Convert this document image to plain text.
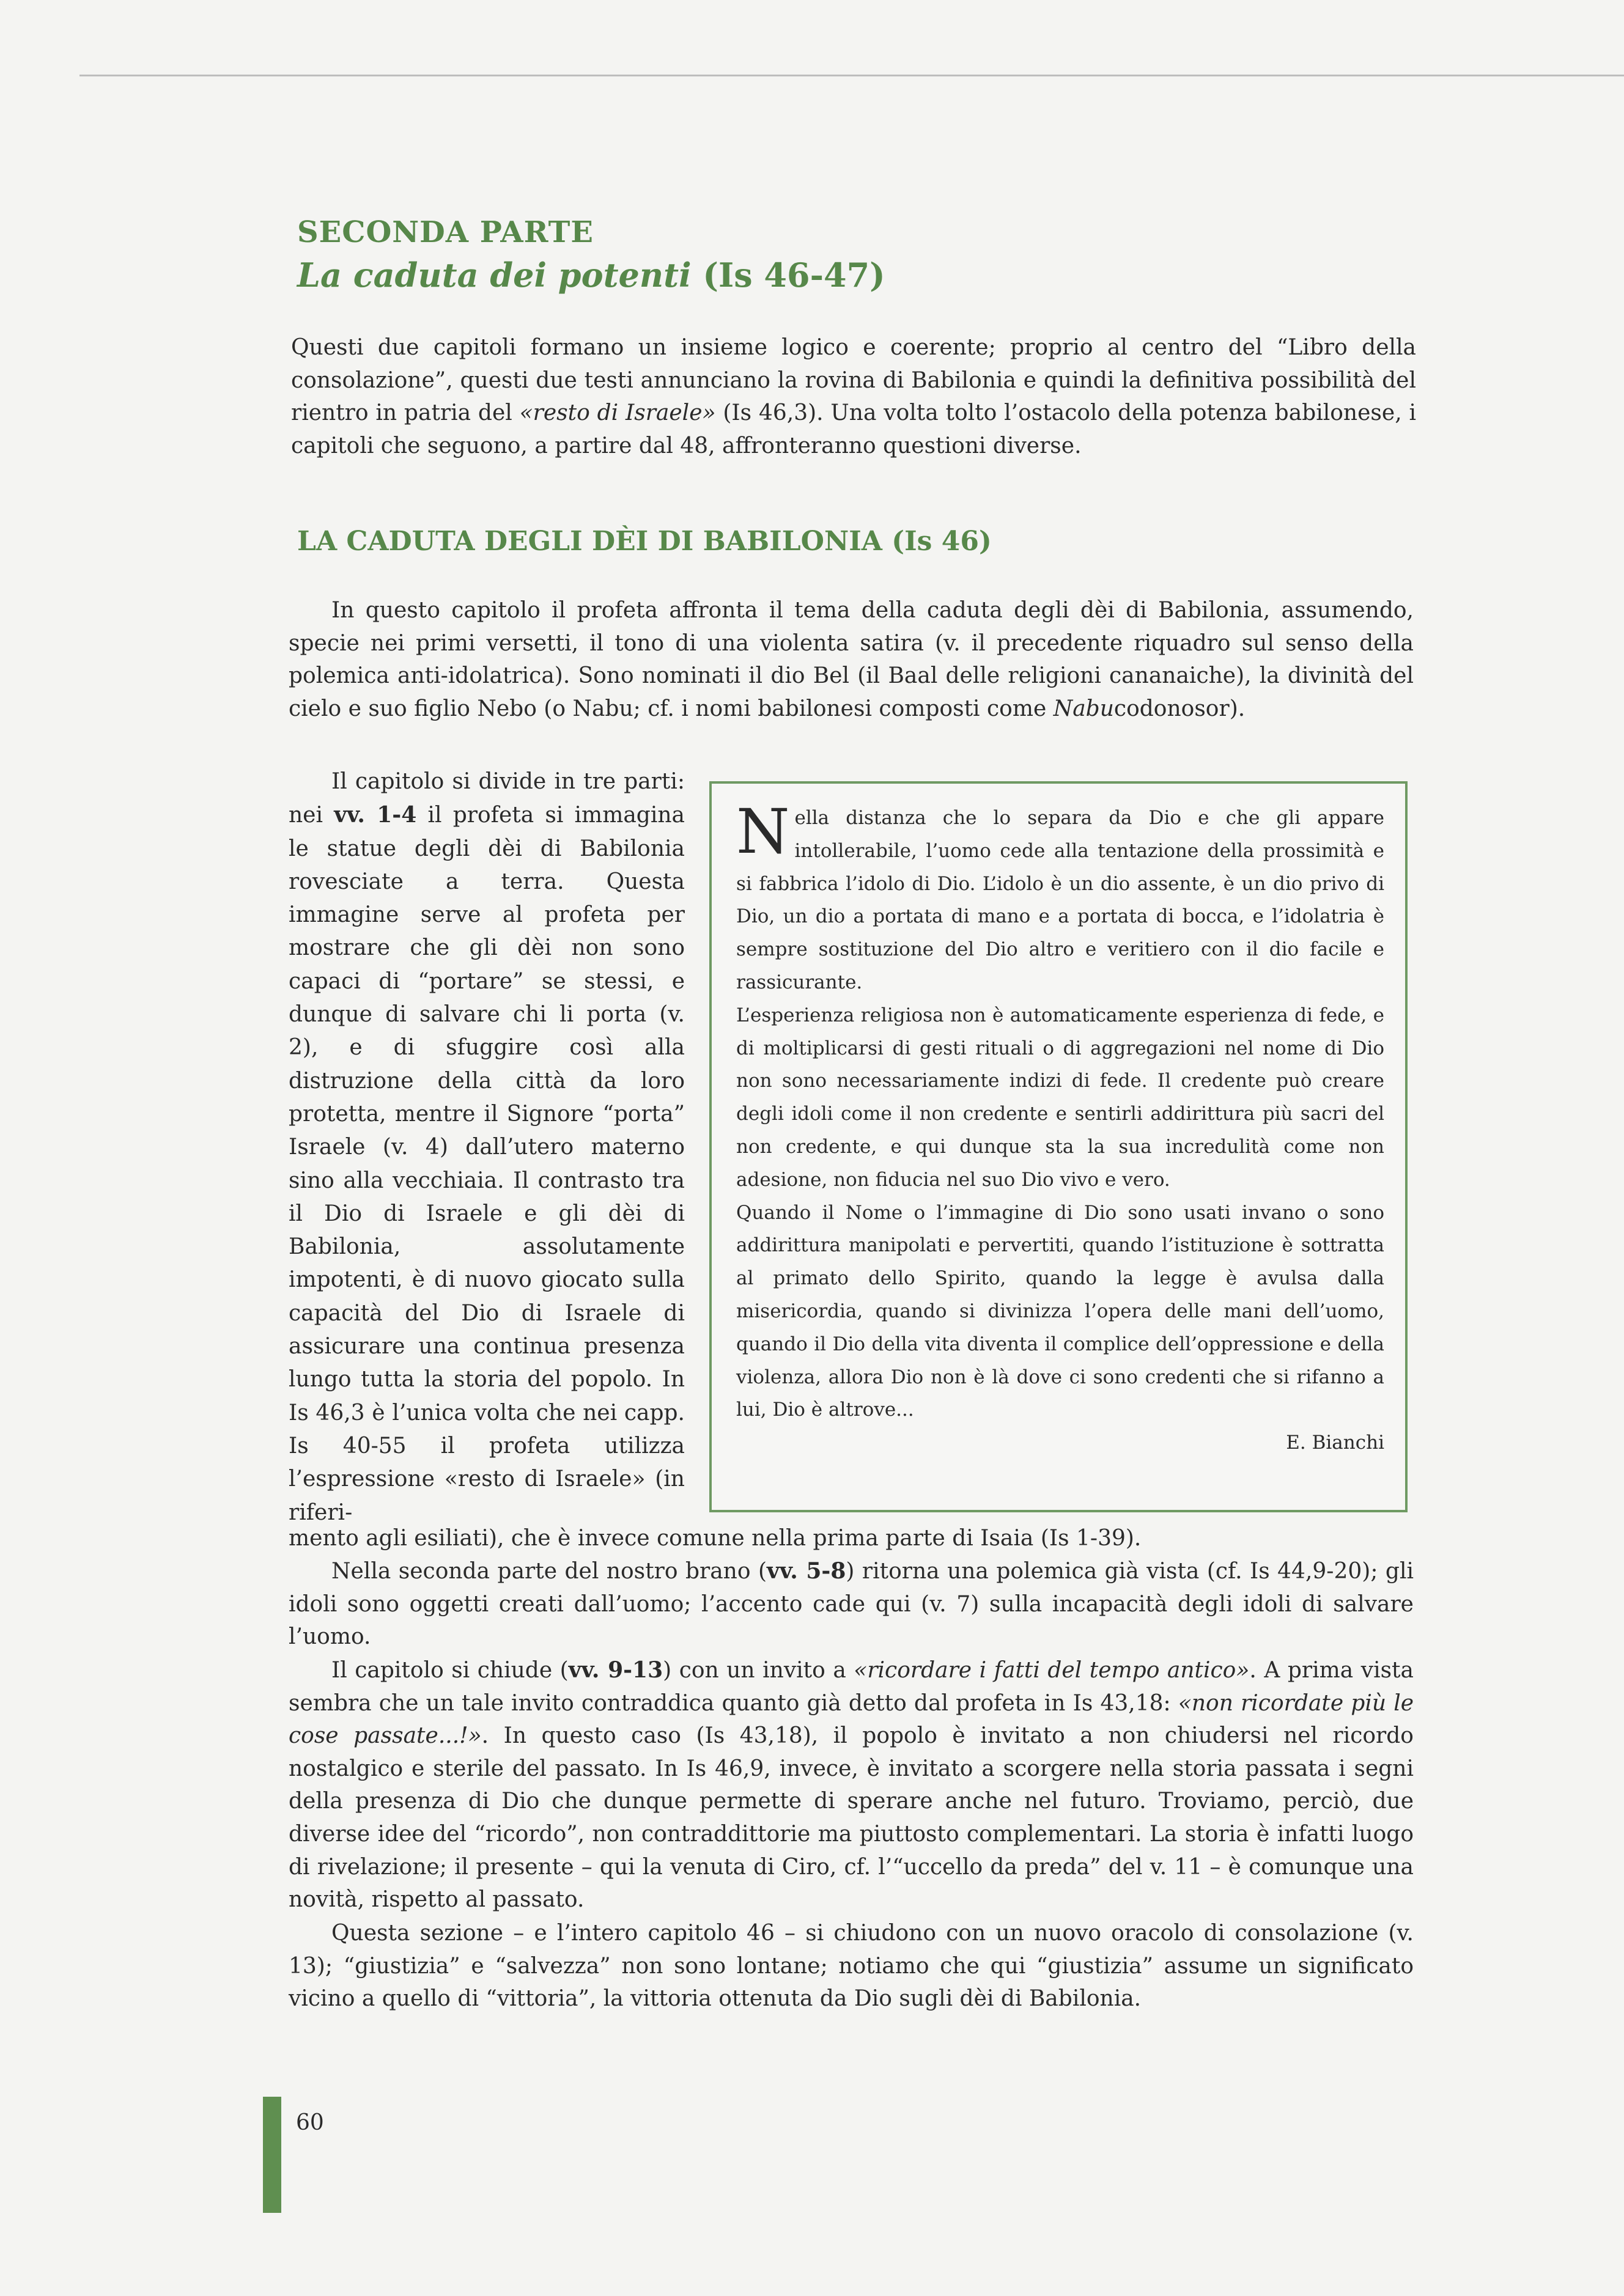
SECONDA PARTE
La caduta dei potenti (Is 46-47)

Questi due capitoli formano un insieme logico e coerente; proprio al centro del “Libro della consolazione”, questi due testi annunciano la rovina di Babilonia e quindi la definitiva possibilità del rientro in patria del «resto di Israele» (Is 46,3). Una volta tolto l’ostacolo della potenza babilonese, i capitoli che seguono, a partire dal 48, affronteranno questioni diverse.

LA CADUTA DEGLI DÈI DI BABILONIA (Is 46)

In questo capitolo il profeta affronta il tema della caduta degli dèi di Babilonia, assumendo, specie nei primi versetti, il tono di una violenta satira (v. il precedente riquadro sul senso della polemica anti-idolatrica). Sono nominati il dio Bel (il Baal delle religioni cananaiche), la divinità del cielo e suo figlio Nebo (o Nabu; cf. i nomi babilonesi composti come Nabucodonosor).

Il capitolo si divide in tre parti: nei vv. 1-4 il profeta si immagina le statue degli dèi di Babilonia rovesciate a terra. Questa immagine serve al profeta per mostrare che gli dèi non sono capaci di “portare” se stessi, e dunque di salvare chi li porta (v. 2), e di sfuggire così alla distruzione della città da loro protetta, mentre il Signore “porta” Israele (v. 4) dall’utero materno sino alla vecchiaia. Il contrasto tra il Dio di Israele e gli dèi di Babilonia, assolutamente impotenti, è di nuovo giocato sulla capacità del Dio di Israele di assicurare una continua presenza lungo tutta la storia del popolo. In Is 46,3 è l’unica volta che nei capp. Is 40-55 il profeta utilizza l’espressione «resto di Israele» (in riferi-

Nella distanza che lo separa da Dio e che gli appare intollerabile, l’uomo cede alla tentazione della prossimità e si fabbrica l’idolo di Dio. L’idolo è un dio assente, è un dio privo di Dio, un dio a portata di mano e a portata di bocca, e l’idolatria è sempre sostituzione del Dio altro e veritiero con il dio facile e rassicurante.

L’esperienza religiosa non è automaticamente esperienza di fede, e di moltiplicarsi di gesti rituali o di aggregazioni nel nome di Dio non sono necessariamente indizi di fede. Il credente può creare degli idoli come il non credente e sentirli addirittura più sacri del non credente, e qui dunque sta la sua incredulità come non adesione, non fiducia nel suo Dio vivo e vero.

Quando il Nome o l’immagine di Dio sono usati invano o sono addirittura manipolati e pervertiti, quando l’istituzione è sottratta al primato dello Spirito, quando la legge è avulsa dalla misericordia, quando si divinizza l’opera delle mani dell’uomo, quando il Dio della vita diventa il complice dell’oppressione e della violenza, allora Dio non è là dove ci sono credenti che si rifanno a lui, Dio è altrove...

E. Bianchi

mento agli esiliati), che è invece comune nella prima parte di Isaia (Is 1-39).

Nella seconda parte del nostro brano (vv. 5-8) ritorna una polemica già vista (cf. Is 44,9-20); gli idoli sono oggetti creati dall’uomo; l’accento cade qui (v. 7) sulla incapacità degli idoli di salvare l’uomo.

Il capitolo si chiude (vv. 9-13) con un invito a «ricordare i fatti del tempo antico». A prima vista sembra che un tale invito contraddica quanto già detto dal profeta in Is 43,18: «non ricordate più le cose passate...!». In questo caso (Is 43,18), il popolo è invitato a non chiudersi nel ricordo nostalgico e sterile del passato. In Is 46,9, invece, è invitato a scorgere nella storia passata i segni della presenza di Dio che dunque permette di sperare anche nel futuro. Troviamo, perciò, due diverse idee del “ricordo”, non contraddittorie ma piuttosto complementari. La storia è infatti luogo di rivelazione; il presente – qui la venuta di Ciro, cf. l’“uccello da preda” del v. 11 – è comunque una novità, rispetto al passato.

Questa sezione – e l’intero capitolo 46 – si chiudono con un nuovo oracolo di consolazione (v. 13); “giustizia” e “salvezza” non sono lontane; notiamo che qui “giustizia” assume un significato vicino a quello di “vittoria”, la vittoria ottenuta da Dio sugli dèi di Babilonia.

60
